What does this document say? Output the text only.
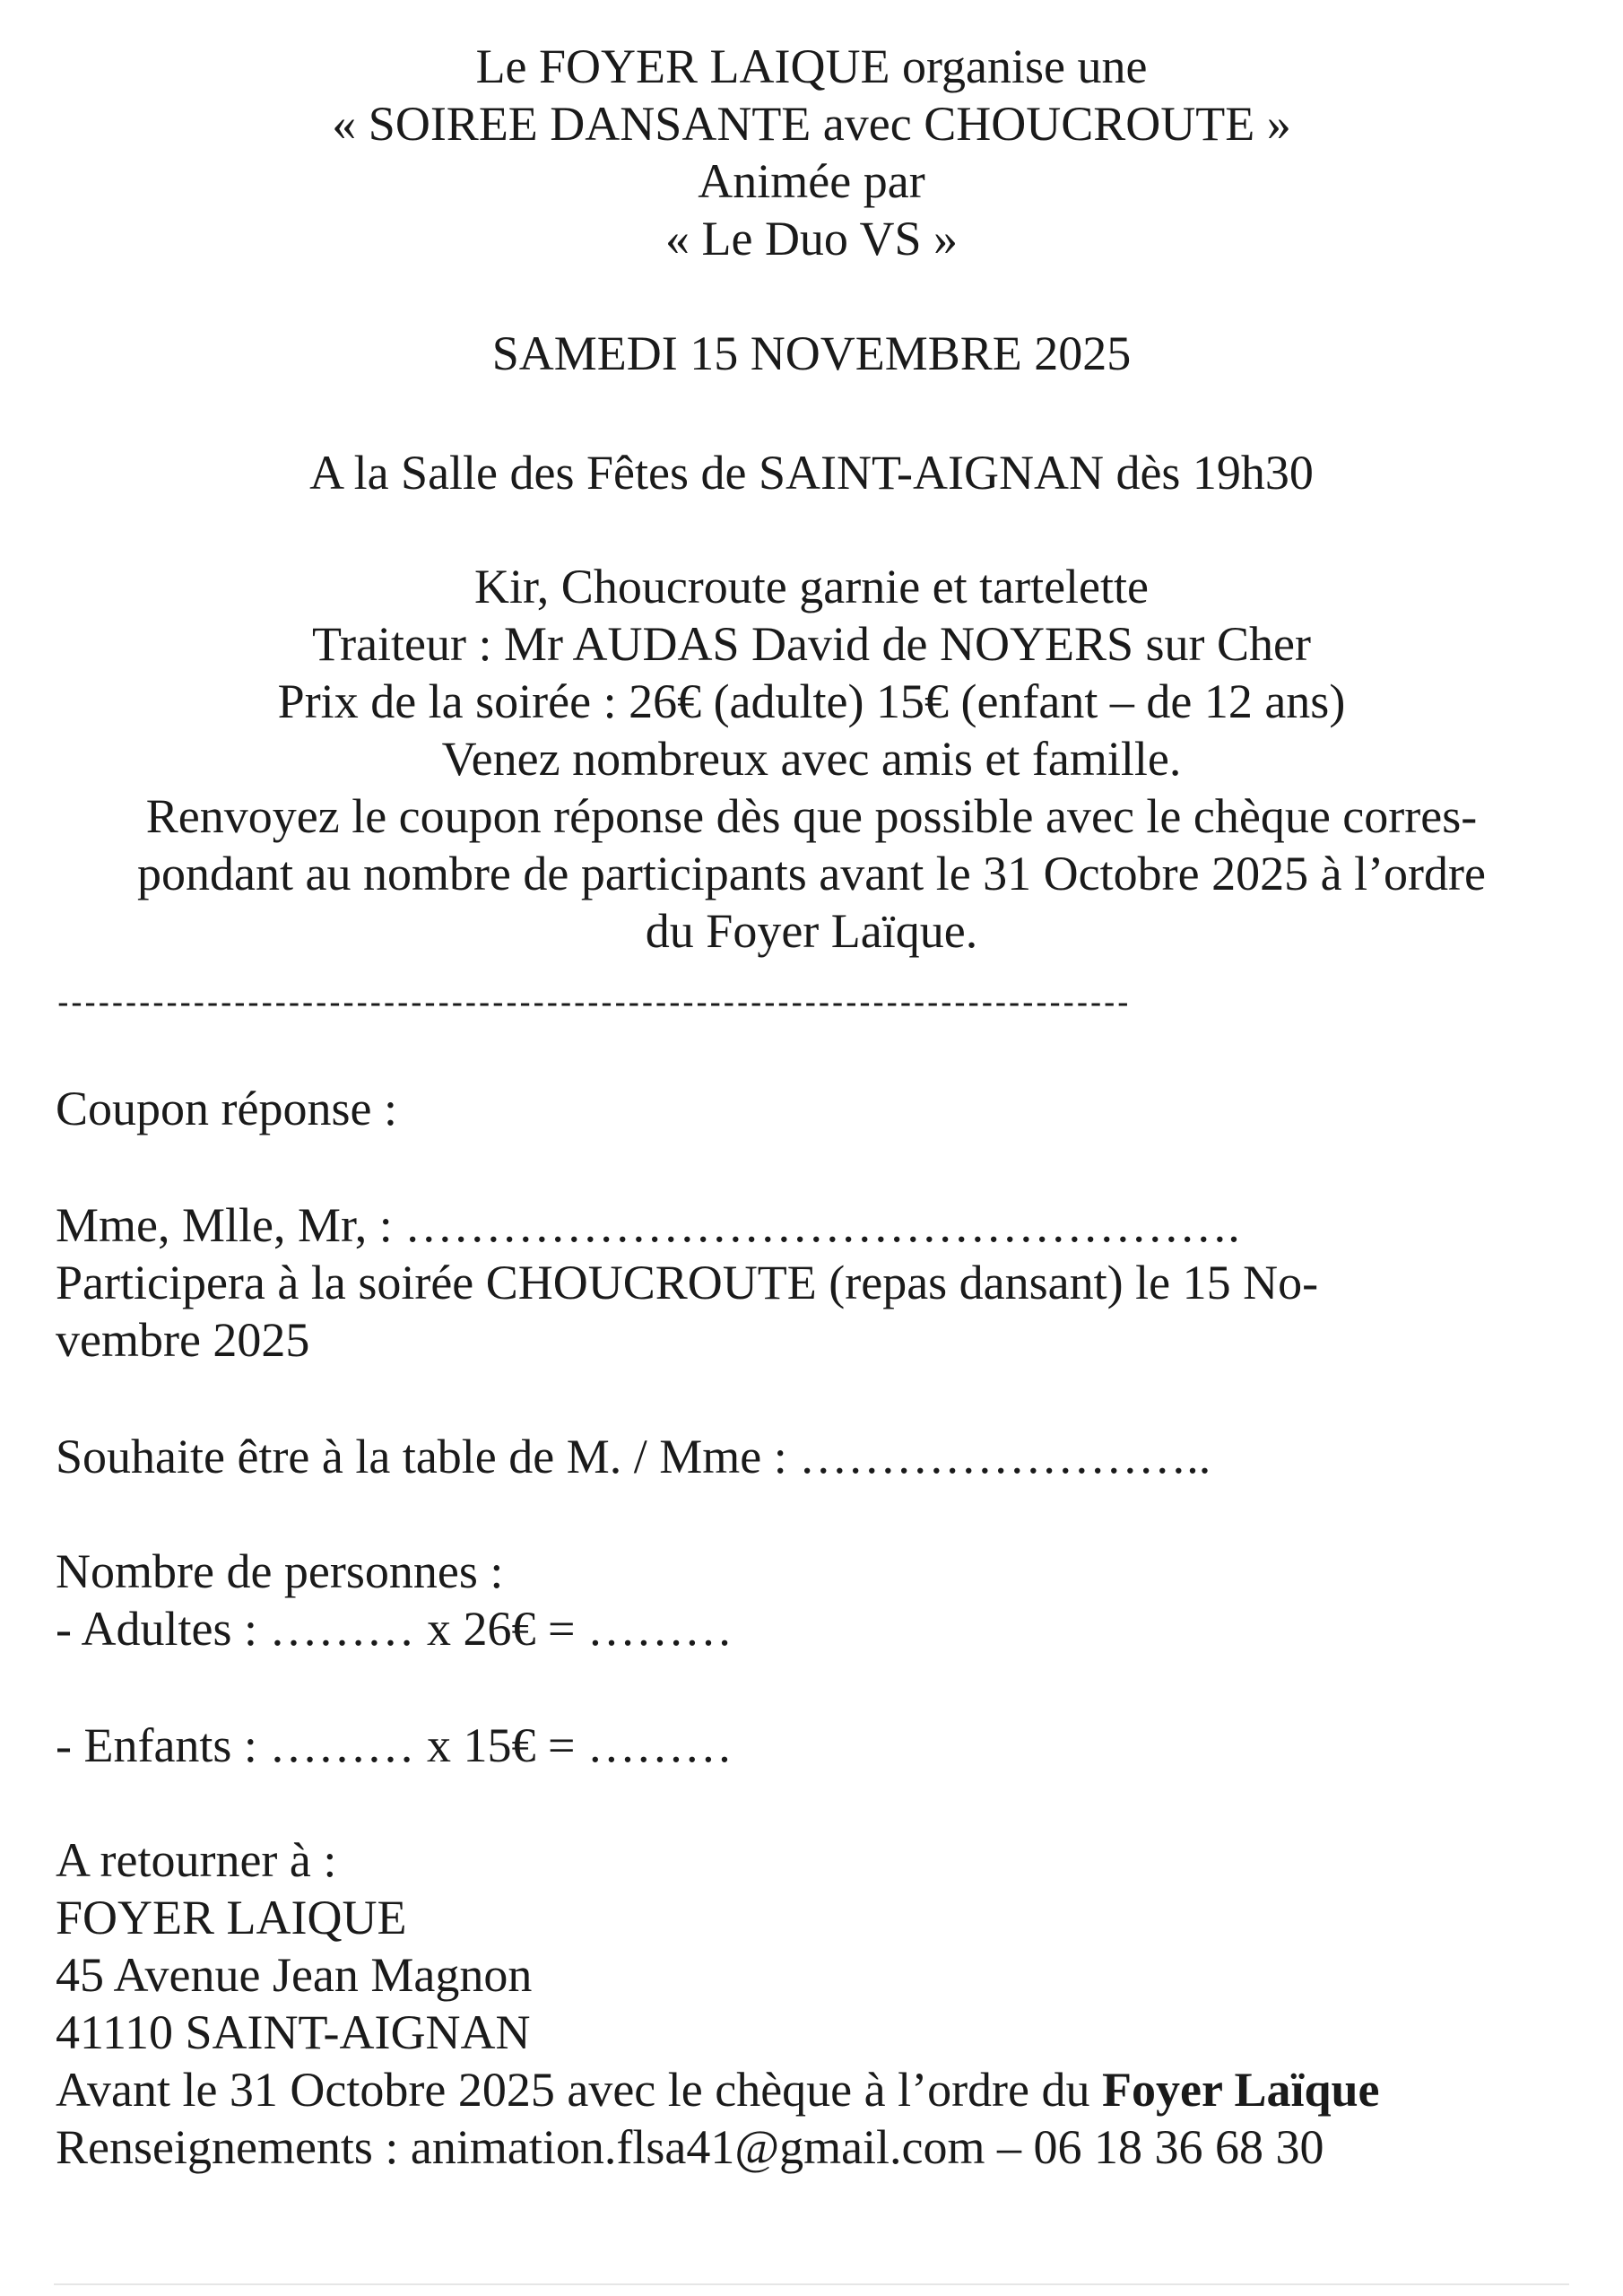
Le FOYER LAIQUE organise une
« SOIREE DANSANTE avec CHOUCROUTE »
Animée par
« Le Duo VS »
SAMEDI 15 NOVEMBRE 2025
A la Salle des Fêtes de SAINT-AIGNAN dès 19h30
Kir, Choucroute garnie et tartelette
Traiteur : Mr AUDAS David de NOYERS sur Cher
Prix de la soirée : 26€ (adulte) 15€ (enfant – de 12 ans)
Venez nombreux avec amis et famille.
Renvoyez le coupon réponse dès que possible avec le chèque corres-
pondant au nombre de participants avant le 31 Octobre 2025 à l’ordre
du Foyer Laïque.
-------------------------------------------------------------------------------
Coupon réponse :
Mme, Mlle, Mr, : …………………………………………….
Participera à la soirée CHOUCROUTE (repas dansant) le 15 No-
vembre 2025
Souhaite être à la table de M. / Mme : ……………………..
Nombre de personnes :
- Adultes : ……… x 26€ = ………
- Enfants : ……… x 15€ = ………
A retourner à :
FOYER LAIQUE
45 Avenue Jean Magnon
41110 SAINT-AIGNAN
Avant le 31 Octobre 2025 avec le chèque à l’ordre du Foyer Laïque
Renseignements : animation.flsa41@gmail.com – 06 18 36 68 30
